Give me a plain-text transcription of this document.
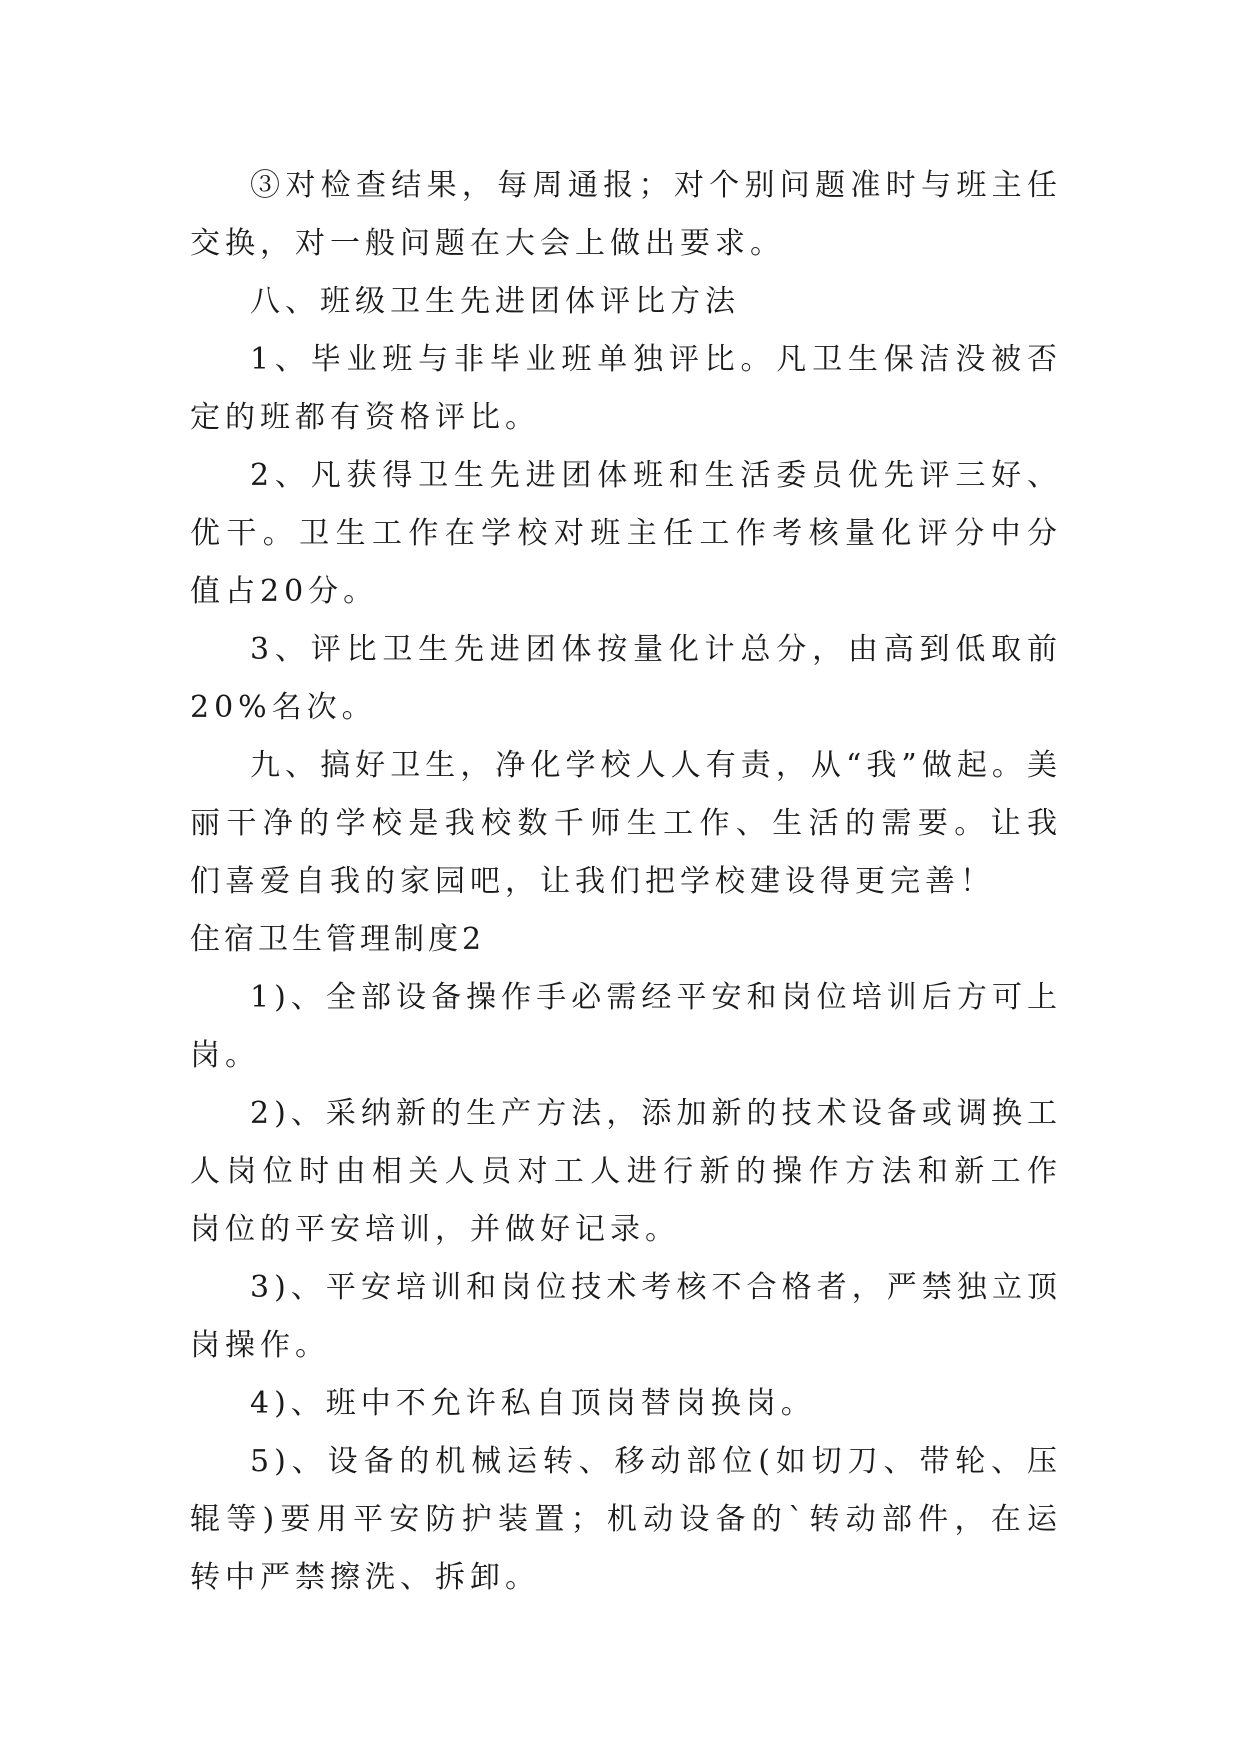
③对检查结果，每周通报；对个别问题准时与班主任交换，对一般问题在大会上做出要求。

八、班级卫生先进团体评比方法

1、毕业班与非毕业班单独评比。凡卫生保洁没被否定的班都有资格评比。

2、凡获得卫生先进团体班和生活委员优先评三好、优干。卫生工作在学校对班主任工作考核量化评分中分值占20分。

3、评比卫生先进团体按量化计总分，由高到低取前20%名次。

九、搞好卫生，净化学校人人有责，从“我”做起。美丽干净的学校是我校数千师生工作、生活的需要。让我们喜爱自我的家园吧，让我们把学校建设得更完善！

住宿卫生管理制度2

1)、全部设备操作手必需经平安和岗位培训后方可上岗。

2)、采纳新的生产方法，添加新的技术设备或调换工人岗位时由相关人员对工人进行新的操作方法和新工作岗位的平安培训，并做好记录。

3)、平安培训和岗位技术考核不合格者，严禁独立顶岗操作。

4)、班中不允许私自顶岗替岗换岗。

5)、设备的机械运转、移动部位(如切刀、带轮、压辊等)要用平安防护装置；机动设备的`转动部件，在运转中严禁擦洗、拆卸。
